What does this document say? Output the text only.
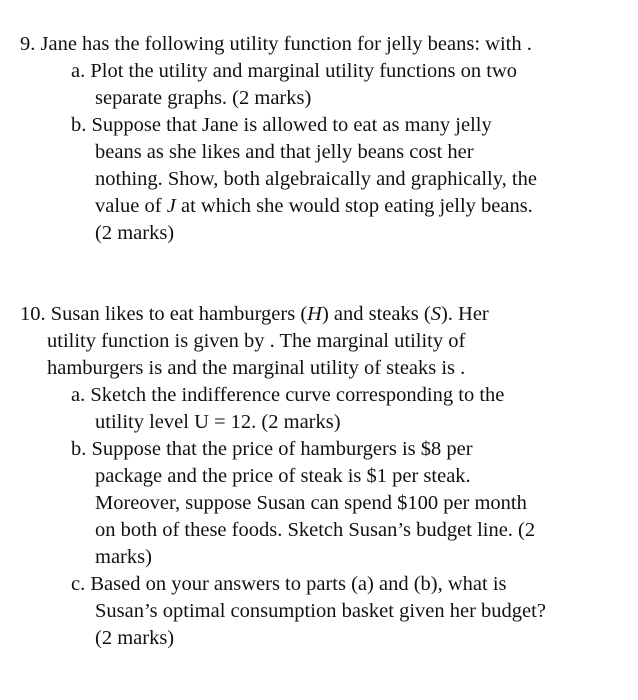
9. Jane has the following utility function for jelly beans: with .
a. Plot the utility and marginal utility functions on two
separate graphs. (2 marks)
b. Suppose that Jane is allowed to eat as many jelly
beans as she likes and that jelly beans cost her
nothing. Show, both algebraically and graphically, the
value of J at which she would stop eating jelly beans.
(2 marks)
10. Susan likes to eat hamburgers (H) and steaks (S). Her
utility function is given by . The marginal utility of
hamburgers is and the marginal utility of steaks is .
a. Sketch the indifference curve corresponding to the
utility level U = 12. (2 marks)
b. Suppose that the price of hamburgers is $8 per
package and the price of steak is $1 per steak.
Moreover, suppose Susan can spend $100 per month
on both of these foods. Sketch Susan’s budget line. (2
marks)
c. Based on your answers to parts (a) and (b), what is
Susan’s optimal consumption basket given her budget?
(2 marks)
